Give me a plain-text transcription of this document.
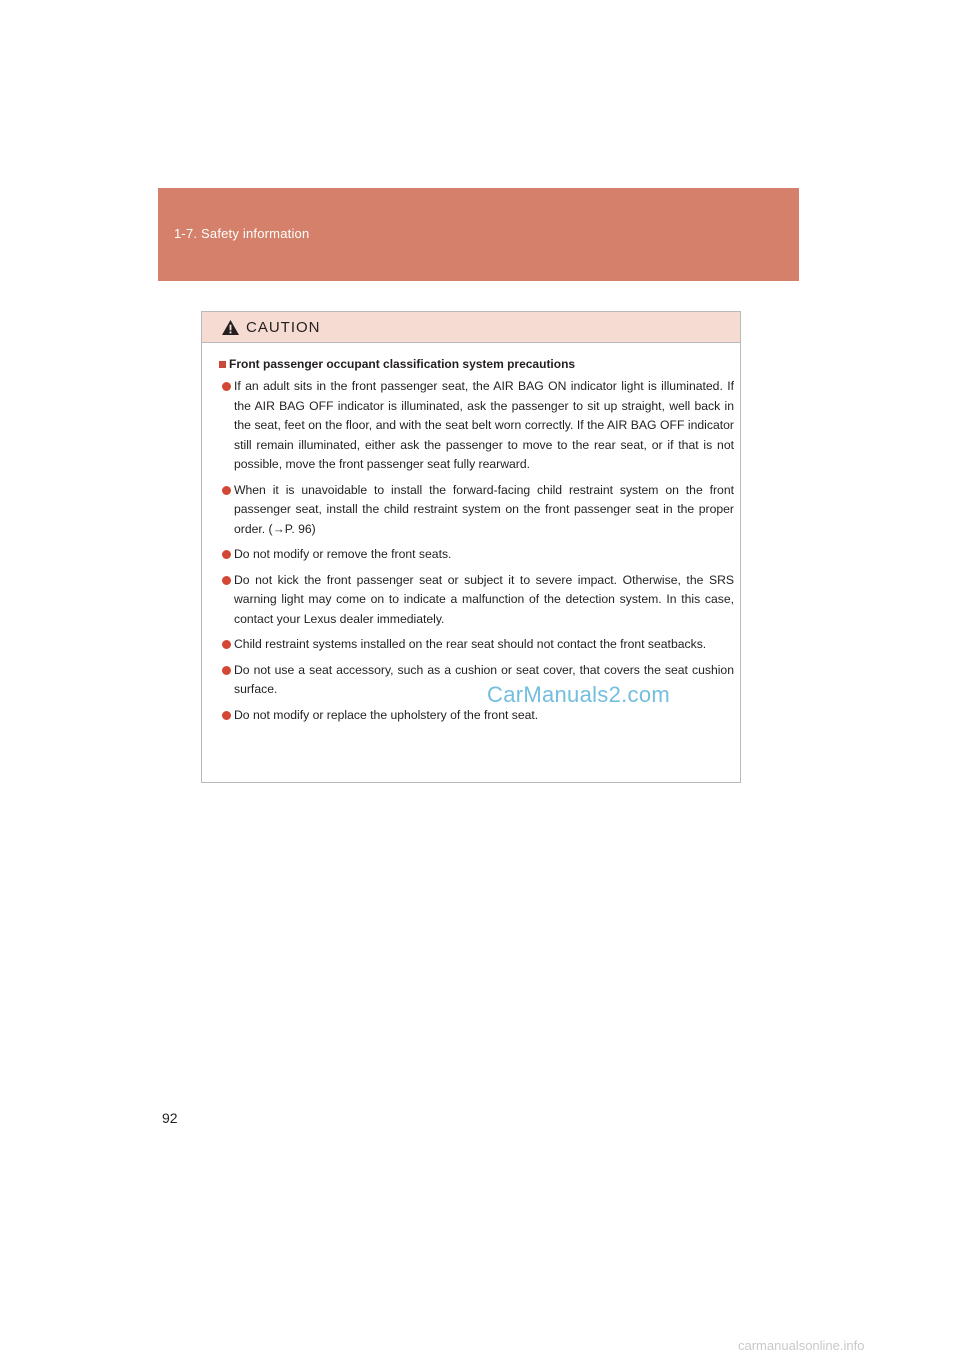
1-7. Safety information
CAUTION
Front passenger occupant classification system precautions
If an adult sits in the front passenger seat, the AIR BAG ON indicator light is illuminated. If the AIR BAG OFF indicator is illuminated, ask the passenger to sit up straight, well back in the seat, feet on the floor, and with the seat belt worn correctly. If the AIR BAG OFF indicator still remain illuminated, either ask the passenger to move to the rear seat, or if that is not possible, move the front passenger seat fully rearward.
When it is unavoidable to install the forward-facing child restraint system on the front passenger seat, install the child restraint system on the front passenger seat in the proper order. (→P. 96)
Do not modify or remove the front seats.
Do not kick the front passenger seat or subject it to severe impact. Otherwise, the SRS warning light may come on to indicate a malfunction of the detection system. In this case, contact your Lexus dealer immediately.
Child restraint systems installed on the rear seat should not contact the front seatbacks.
Do not use a seat accessory, such as a cushion or seat cover, that covers the seat cushion surface.
Do not modify or replace the upholstery of the front seat.
CarManuals2.com
92
carmanualsonline.info
